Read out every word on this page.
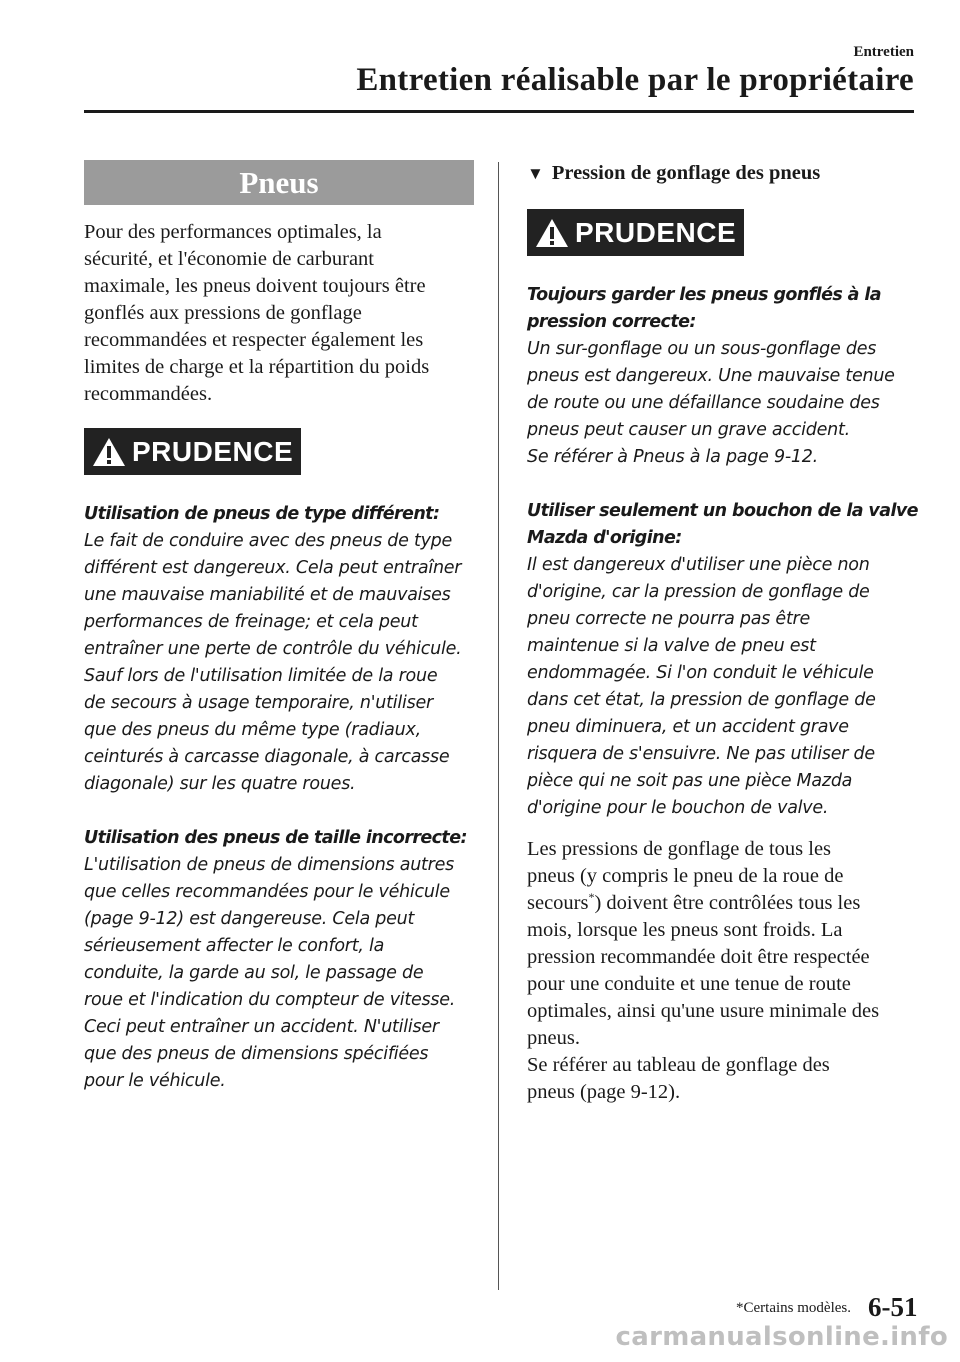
Entretien
Entretien réalisable par le propriétaire
Pneus

Pour des performances optimales, la

sécurité, et l'économie de carburant

maximale, les pneus doivent toujours être

gonflés aux pressions de gonflage

recommandées et respecter également les

limites de charge et la répartition du poids

recommandées.

PRUDENCE

Utilisation de pneus de type différent:

Le fait de conduire avec des pneus de type

différent est dangereux. Cela peut entraîner

une mauvaise maniabilité et de mauvaises

performances de freinage; et cela peut

entraîner une perte de contrôle du véhicule.

Sauf lors de l'utilisation limitée de la roue

de secours à usage temporaire, n'utiliser

que des pneus du même type (radiaux,

ceinturés à carcasse diagonale, à carcasse

diagonale) sur les quatre roues.

Utilisation des pneus de taille incorrecte:

L'utilisation de pneus de dimensions autres

que celles recommandées pour le véhicule

(page 9-12) est dangereuse. Cela peut

sérieusement affecter le confort, la

conduite, la garde au sol, le passage de

roue et l'indication du compteur de vitesse.

Ceci peut entraîner un accident. N'utiliser

que des pneus de dimensions spécifiées

pour le véhicule.

▼ Pression de gonflage des pneus
PRUDENCE

Toujours garder les pneus gonflés à la

pression correcte:

Un sur-gonflage ou un sous-gonflage des

pneus est dangereux. Une mauvaise tenue

de route ou une défaillance soudaine des

pneus peut causer un grave accident.

Se référer à Pneus à la page 9-12.

Utiliser seulement un bouchon de la valve

Mazda d'origine:

Il est dangereux d'utiliser une pièce non

d'origine, car la pression de gonflage de

pneu correcte ne pourra pas être

maintenue si la valve de pneu est

endommagée. Si l'on conduit le véhicule

dans cet état, la pression de gonflage de

pneu diminuera, et un accident grave

risquera de s'ensuivre. Ne pas utiliser de

pièce qui ne soit pas une pièce Mazda

d'origine pour le bouchon de valve.

Les pressions de gonflage de tous les

pneus (y compris le pneu de la roue de

secours*) doivent être contrôlées tous les

mois, lorsque les pneus sont froids. La

pression recommandée doit être respectée

pour une conduite et une tenue de route

optimales, ainsi qu'une usure minimale des

pneus.

Se référer au tableau de gonflage des

pneus (page 9-12).

*Certains modèles. 6-51
carmanualsonline.info
